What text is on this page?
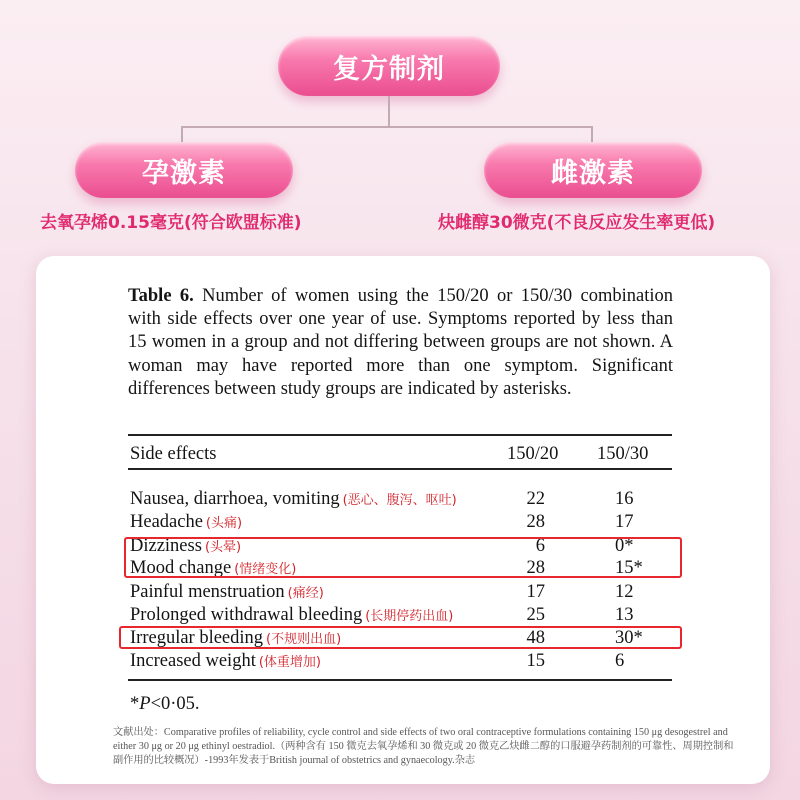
复方制剂
孕激素	雌激素
去氧孕烯0.15毫克(符合欧盟标准)	炔雌醇30微克(不良反应发生率更低)
Table 6. Number of women using the 150/20 or 150/30 combination with side effects over one year of use. Symptoms reported by less than 15 women in a group and not differing between groups are not shown. A woman may have reported more than one symptom. Significant differences between study groups are indicated by asterisks.
Side effects	150/20 150/30
Nausea, diarrhoea, vomiting (恶心、腹泻、呕吐)	22	16
Headache (头痛)	28	17
Dizziness (头晕)	6	0*
Mood change (情绪变化)	28	15*
Painful menstruation (痛经)	17	12
Prolonged withdrawal bleeding (长期停药出血)	25	13
Irregular bleeding (不规则出血)	48	30*
Increased weight (体重增加)	15	6
*P<0·05.
文献出处：Comparative profiles of reliability, cycle control and side effects of two oral contraceptive formulations containing 150 μg desogestrel and either 30 μg or 20 μg ethinyl oestradiol.（两种含有 150 微克去氧孕烯和 30 微克或 20 微克乙炔雌二醇的口服避孕药制剂的可靠性、周期控制和副作用的比较概况）-1993年发表于British journal of obstetrics and gynaecology.杂志
